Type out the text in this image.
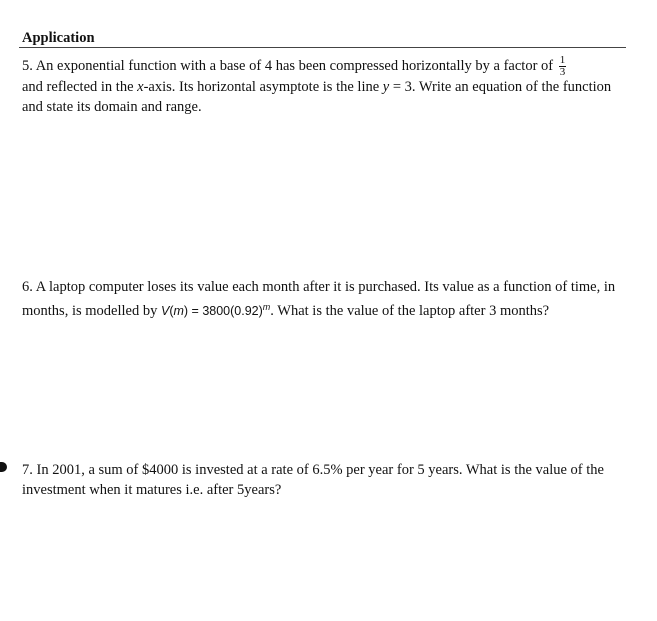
Application
5. An exponential function with a base of 4 has been compressed horizontally by a factor of $\frac{1}{3}$

and reflected in the x-axis. Its horizontal asymptote is the line y = 3. Write an equation of the function and state its domain and range.
6. A laptop computer loses its value each month after it is purchased. Its value as a function of time, in months, is modelled by $V(m) = 3800(0.92)^m$. What is the value of the laptop after 3 months?
7. In 2001, a sum of $4000 is invested at a rate of 6.5% per year for 5 years. What is the value of the investment when it matures i.e. after 5years?
